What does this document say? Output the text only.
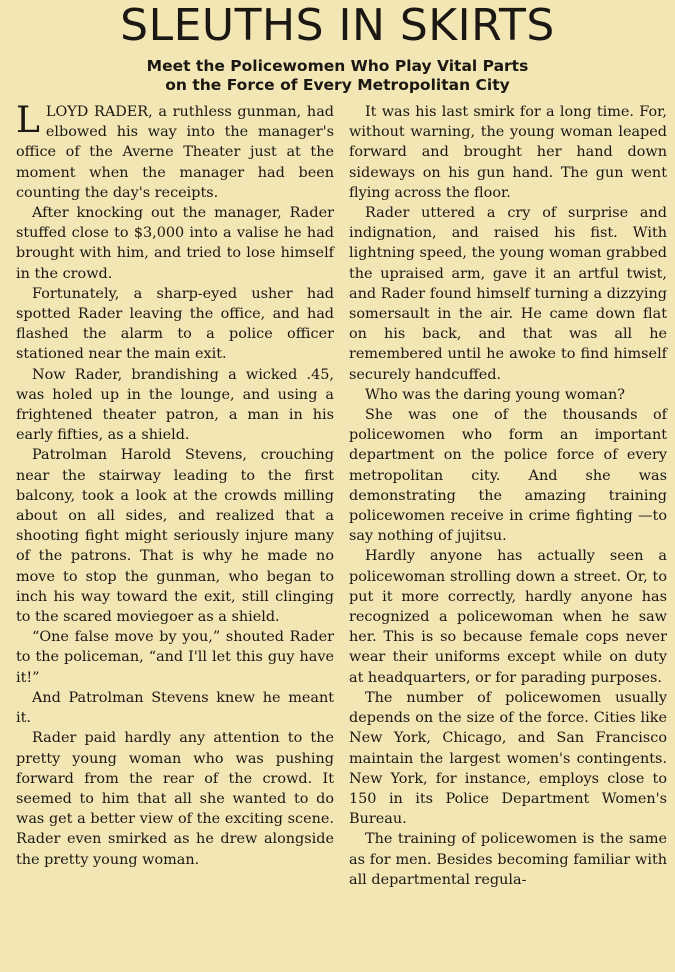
SLEUTHS IN SKIRTS
Meet the Policewomen Who Play Vital Parts
on the Force of Every Metropolitan City

LLOYD RADER, a ruthless gunman, had elbowed his way into the manager's office of the Averne Theater just at the moment when the manager had been counting the day's receipts.

After knocking out the manager, Rader stuffed close to $3,000 into a valise he had brought with him, and tried to lose himself in the crowd.

Fortunately, a sharp-eyed usher had spotted Rader leaving the office, and had flashed the alarm to a police officer stationed near the main exit.

Now Rader, brandishing a wicked .45, was holed up in the lounge, and using a frightened theater patron, a man in his early fifties, as a shield.

Patrolman Harold Stevens, crouching near the stairway leading to the first balcony, took a look at the crowds milling about on all sides, and realized that a shooting fight might seriously injure many of the patrons. That is why he made no move to stop the gunman, who began to inch his way toward the exit, still clinging to the scared moviegoer as a shield.

“One false move by you,” shouted Rader to the policeman, “and I'll let this guy have it!”

And Patrolman Stevens knew he meant it.

Rader paid hardly any attention to the pretty young woman who was pushing forward from the rear of the crowd. It seemed to him that all she wanted to do was get a better view of the exciting scene. Rader even smirked as he drew alongside the pretty young woman.

It was his last smirk for a long time. For, without warning, the young woman leaped forward and brought her hand down sideways on his gun hand. The gun went flying across the floor.

Rader uttered a cry of surprise and indignation, and raised his fist. With lightning speed, the young woman grabbed the upraised arm, gave it an artful twist, and Rader found himself turning a dizzying somersault in the air. He came down flat on his back, and that was all he remembered until he awoke to find himself securely handcuffed.

Who was the daring young woman?

She was one of the thousands of policewomen who form an important department on the police force of every metropolitan city. And she was demonstrating the amazing training policewomen receive in crime fighting —to say nothing of jujitsu.

Hardly anyone has actually seen a policewoman strolling down a street. Or, to put it more correctly, hardly anyone has recognized a policewoman when he saw her. This is so because female cops never wear their uniforms except while on duty at headquarters, or for parading purposes.

The number of policewomen usually depends on the size of the force. Cities like New York, Chicago, and San Francisco maintain the largest women's contingents. New York, for instance, employs close to 150 in its Police Department Women's Bureau.

The training of policewomen is the same as for men. Besides becoming familiar with all departmental regula-
